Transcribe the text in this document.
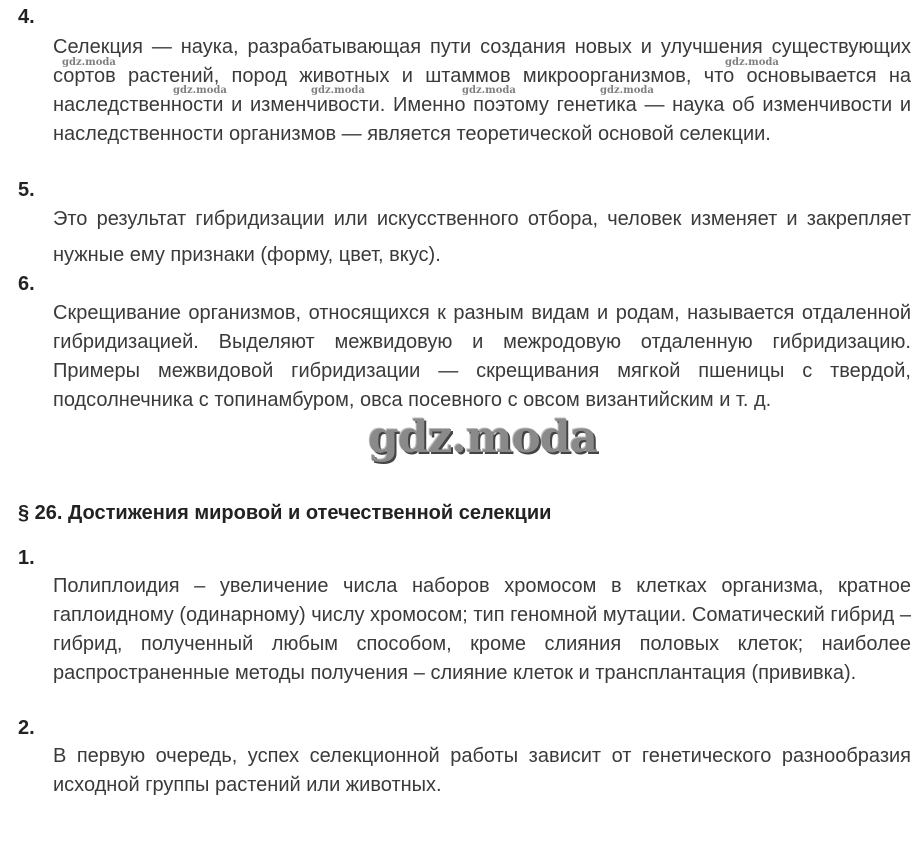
4.
Селекция — наука, разрабатывающая пути создания новых и улучшения существующих сортов растений, пород животных и штаммов микроорганизмов, что основывается на наследственности и изменчивости. Именно поэтому генетика — наука об изменчивости и наследственности организмов — является теоретической основой селекции.
5.
Это результат гибридизации или искусственного отбора, человек изменяет и закрепляет нужные ему признаки (форму, цвет, вкус).
6.
Скрещивание организмов, относящихся к разным видам и родам, называется отдаленной гибридизацией. Выделяют межвидовую и межродовую отдаленную гибридизацию. Примеры межвидовой гибридизации — скрещивания мягкой пшеницы с твердой, подсолнечника с топинамбуром, овса посевного с овсом византийским и т. д.
§ 26. Достижения мировой и отечественной селекции
1.
Полиплоидия – увеличение числа наборов хромосом в клетках организма, кратное гаплоидному (одинарному) числу хромосом; тип геномной мутации. Соматический гибрид – гибрид, полученный любым способом, кроме слияния половых клеток; наиболее распространенные методы получения – слияние клеток и трансплантация (прививка).
2.
В первую очередь, успех селекционной работы зависит от генетического разнообразия исходной группы растений или животных.
gdz.moda	gdz.moda
gdz.moda	gdz.moda	gdz.moda	gdz.moda
gdz.moda
